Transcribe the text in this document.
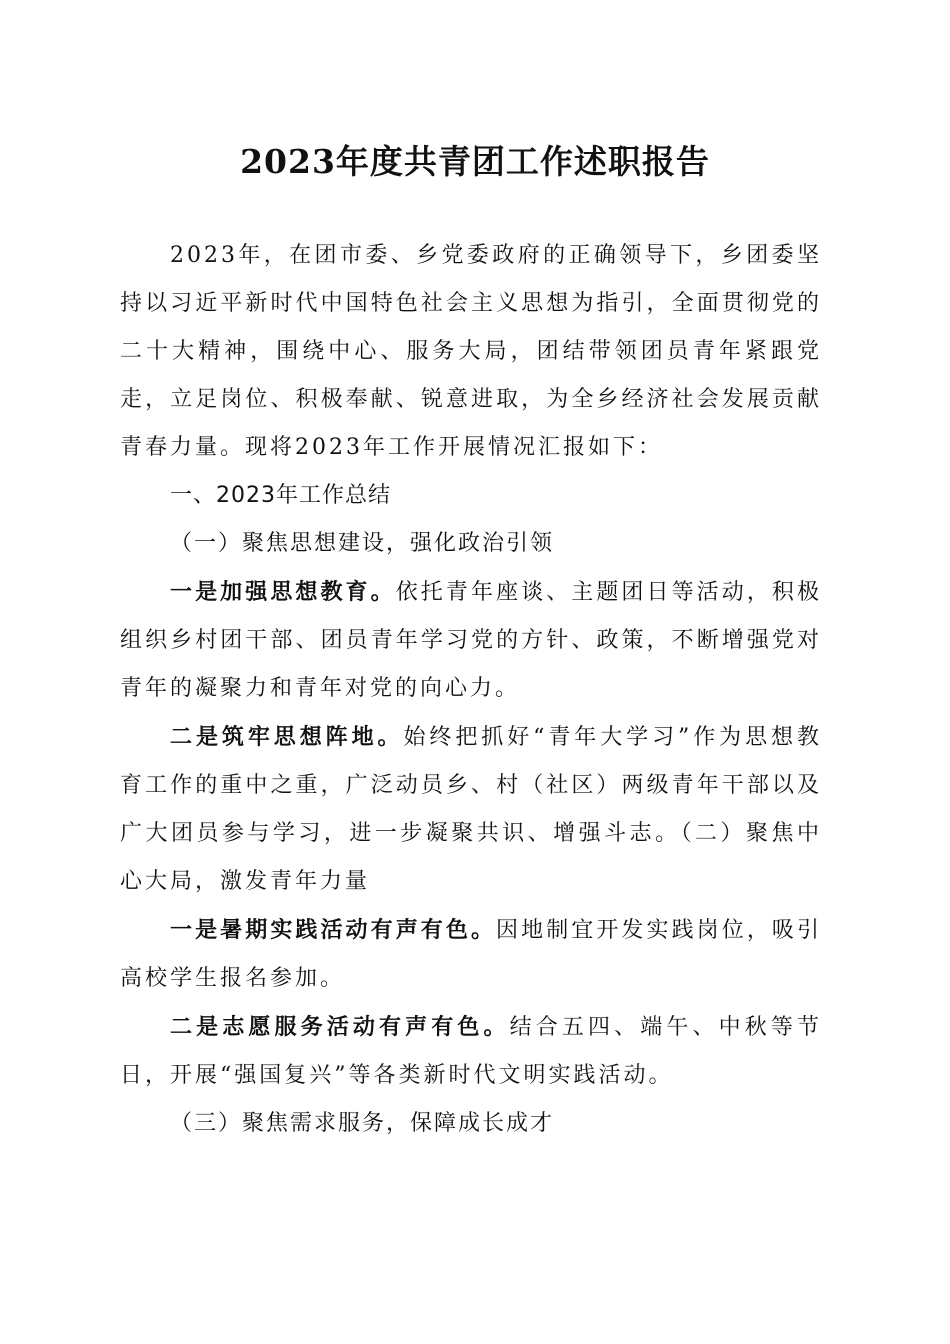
2023年度共青团工作述职报告

2023年，在团市委、乡党委政府的正确领导下，乡团委坚持以习近平新时代中国特色社会主义思想为指引，全面贯彻党的二十大精神，围绕中心、服务大局，团结带领团员青年紧跟党走，立足岗位、积极奉献、锐意进取，为全乡经济社会发展贡献青春力量。现将2023年工作开展情况汇报如下：

一、2023年工作总结

（一）聚焦思想建设，强化政治引领

一是加强思想教育。依托青年座谈、主题团日等活动，积极组织乡村团干部、团员青年学习党的方针、政策，不断增强党对青年的凝聚力和青年对党的向心力。

二是筑牢思想阵地。始终把抓好“青年大学习”作为思想教育工作的重中之重，广泛动员乡、村（社区）两级青年干部以及广大团员参与学习，进一步凝聚共识、增强斗志。（二）聚焦中心大局，激发青年力量

一是暑期实践活动有声有色。因地制宜开发实践岗位，吸引高校学生报名参加。

二是志愿服务活动有声有色。结合五四、端午、中秋等节日，开展“强国复兴”等各类新时代文明实践活动。

（三）聚焦需求服务，保障成长成才
